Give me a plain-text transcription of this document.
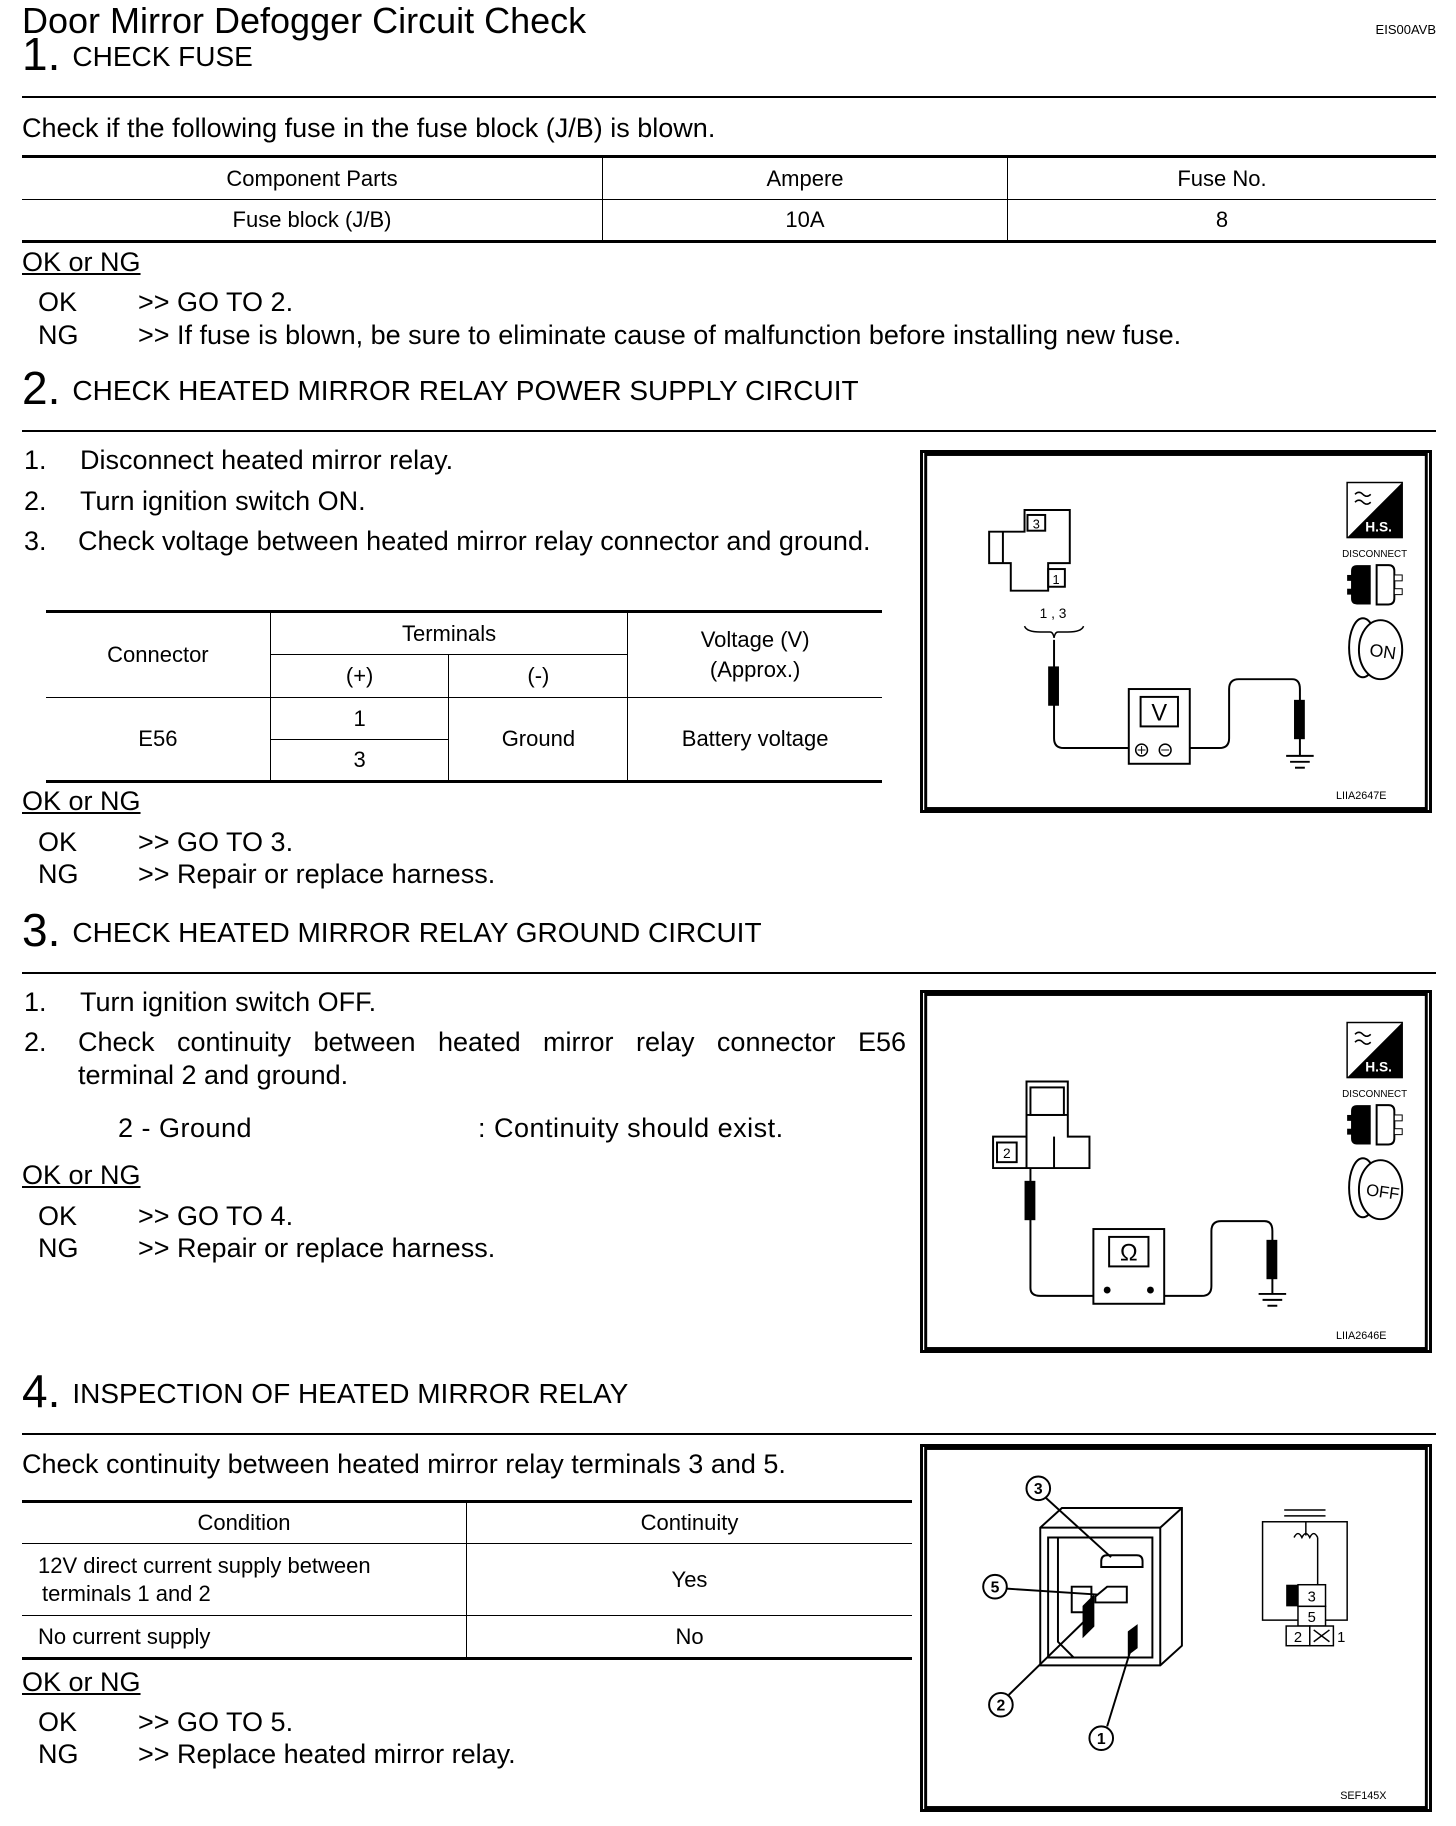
Door Mirror Defogger Circuit Check	EIS00AVB
1. CHECK FUSE
Check if the following fuse in the fuse block (J/B) is blown.
Component Parts	Ampere	Fuse No.
Fuse block (J/B)	10A	8
OK or NG
OK >> GO TO 2.
NG >> If fuse is blown, be sure to eliminate cause of malfunction before installing new fuse.
2. CHECK HEATED MIRROR RELAY POWER SUPPLY CIRCUIT
1. Disconnect heated mirror relay.
2. Turn ignition switch ON.
3.	Check voltage between heated mirror relay connector and ground.
Connector	Terminals		Voltage (V)
(Approx.)

	(+)	(-)	
E56	1	Ground	Battery voltage
	3		
OK or NG
OK >> GO TO 3.
NG >> Repair or replace harness.
3
1
1 , 3
V
H.S.
DISCONNECT
ON
LIIA2647E
3. CHECK HEATED MIRROR RELAY GROUND CIRCUIT
1. Turn ignition switch OFF.
2.	Check continuity between heated mirror relay connector E56
terminal 2 and ground.
2 - Ground	: Continuity should exist.
OK or NG
OK >> GO TO 4.
NG >> Repair or replace harness.
2
Ω
H.S.
DISCONNECT
OFF
LIIA2646E
4. INSPECTION OF HEATED MIRROR RELAY
Check continuity between heated mirror relay terminals 3 and 5.
Condition	Continuity

12V direct current supply between
terminals 1 and 2	Yes
No current supply	No
OK or NG
OK >> GO TO 5.
NG >> Replace heated mirror relay.
3
5
2
1
3
5
2 1
SEF145X
